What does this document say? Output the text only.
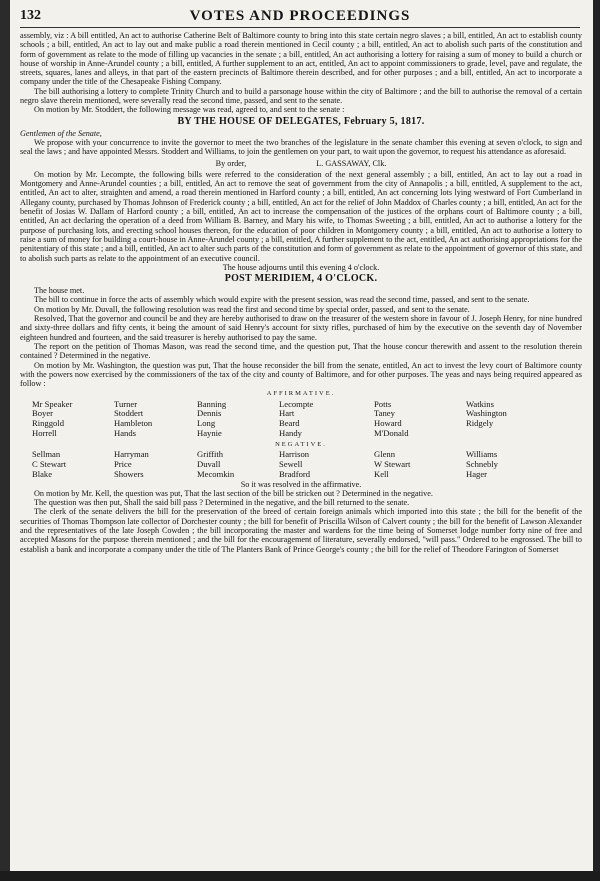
132	VOTES AND PROCEEDINGS

assembly, viz : A bill entitled, An act to authorise Catherine Belt of Baltimore county to bring into this state certain negro slaves ; a bill, entitled, An act to establish county schools ; a bill, entitled, An act to lay out and make public a road therein mentioned in Cecil county ; a bill, entitled, An act to abolish such parts of the constitution and form of government as relate to the mode of filling up vacancies in the senate ; a bill, entitled, An act authorising a lottery for raising a sum of money to build a church or house of worship in Anne-Arundel county ; a bill, entitled, A further supplement to an act, entitled, An act to appoint commissioners to grade, level, pave and regulate, the streets, squares, lanes and alleys, in that part of the eastern precincts of Baltimore therein described, and for other purposes ; and a bill, entitled, An act to incorporate a company under the title of the Chesapeake Fishing Company.

The bill authorising a lottery to complete Trinity Church and to build a parsonage house within the city of Baltimore ; and the bill to authorise the removal of a certain negro slave therein mentioned, were severally read the second time, passed, and sent to the senate.

On motion by Mr. Stoddert, the following message was read, agreed to, and sent to the senate :

BY THE HOUSE OF DELEGATES, February 5, 1817.

Gentlemen of the Senate,

We propose with your concurrence to invite the governor to meet the two branches of the legislature in the senate chamber this evening at seven o'clock, to sign and seal the laws ; and have appointed Messrs. Stoddert and Williams, to join the gentlemen on your part, to wait upon the governor, to request his attendance as aforesaid.

By order,	L. GASSAWAY, Clk.

On motion by Mr. Lecompte, the following bills were referred to the consideration of the next general assembly ; a bill, entitled, An act to lay out a road in Montgomery and Anne-Arundel counties ; a bill, entitled, An act to remove the seat of government from the city of Annapolis ; a bill, entitled, A supplement to the act, entitled, An act to alter, straighten and amend, a road therein mentioned in Harford county ; a bill, entitled, An act concerning lots lying westward of Fort Cumberland in Allegany county, purchased by Thomas Johnson of Frederick county ; a bill, entitled, An act for the relief of John Maddox of Charles county ; a bill, entitled, An act for the benefit of Josias W. Dallam of Harford county ; a bill, entitled, An act to increase the compensation of the justices of the orphans court of Baltimore county ; a bill, entitled, An act declaring the operation of a deed from William B. Barney, and Mary his wife, to Thomas Sweeting ; a bill, entitled, An act to authorise a lottery for the purpose of purchasing lots, and erecting school houses thereon, for the education of poor children in Montgomery county ; a bill, entitled, An act to authorise a lottery to raise a sum of money for building a court-house in Anne-Arundel county ; a bill, entitled, A further supplement to the act, entitled, An act authorising appropriations for the penitentiary of this state ; and a bill, entitled, An act to alter such parts of the constitution and form of government as relate to the appointment of governor of this state, and to abolish such parts as relate to the appointment of an executive council.

The house adjourns until this evening 4 o'clock.

POST MERIDIEM, 4 O'CLOCK.

The house met.

The bill to continue in force the acts of assembly which would expire with the present session, was read the second time, passed, and sent to the senate.

On motion by Mr. Duvall, the following resolution was read the first and second time by special order, passed, and sent to the senate.

Resolved, That the governor and council be and they are hereby authorised to draw on the treasurer of the western shore in favour of J. Joseph Henry, for nine hundred and sixty-three dollars and fifty cents, it being the amount of said Henry's account for sixty rifles, purchased of him by the executive on the seventh day of November eighteen hundred and fourteen, and the said treasurer is hereby authorised to pay the same.

The report on the petition of Thomas Mason, was read the second time, and the question put, That the house concur therewith and assent to the resolution therein contained ? Determined in the negative.

On motion by Mr. Washington, the question was put, That the house reconsider the bill from the senate, entitled, An act to invest the levy court of Baltimore county with the powers now exercised by the commissioners of the tax of the city and county of Baltimore, and for other purposes. The yeas and nays being required appeared as follow :

AFFIRMATIVE.
Mr Speaker	Turner	Banning	Lecompte	Potts	Watkins
Boyer	Stoddert	Dennis	Hart	Taney	Washington
Ringgold	Hambleton	Long	Beard	Howard	Ridgely
Horrell	Hands	Haynie	Handy	M'Donald
NEGATIVE.
Sellman	Harryman	Griffith	Harrison	Glenn	Williams
C Stewart	Price	Duvall	Sewell	W Stewart	Schnebly
Blake	Showers	Mecomkin	Bradford	Kell	Hager

So it was resolved in the affirmative.

On motion by Mr. Kell, the question was put, That the last section of the bill be stricken out ? Determined in the negative.

The question was then put, Shall the said bill pass ? Determined in the negative, and the bill returned to the senate.

The clerk of the senate delivers the bill for the preservation of the breed of certain foreign animals which imported into this state ; the bill for the benefit of the securities of Thomas Thompson late collector of Dorchester county ; the bill for benefit of Priscilla Wilson of Calvert county ; the bill for the benefit of Lawson Alexander and the representatives of the late Joseph Cowden ; the bill incorporating the master and wardens for the time being of Somerset lodge number forty nine of free and accepted Masons for the purpose therein mentioned ; and the bill for the encouragement of literature, severally endorsed, "will pass." Ordered to be engrossed. The bill to establish a bank and incorporate a company under the title of The Planters Bank of Prince George's county ; the bill for the relief of Theodore Farington of Somerset
